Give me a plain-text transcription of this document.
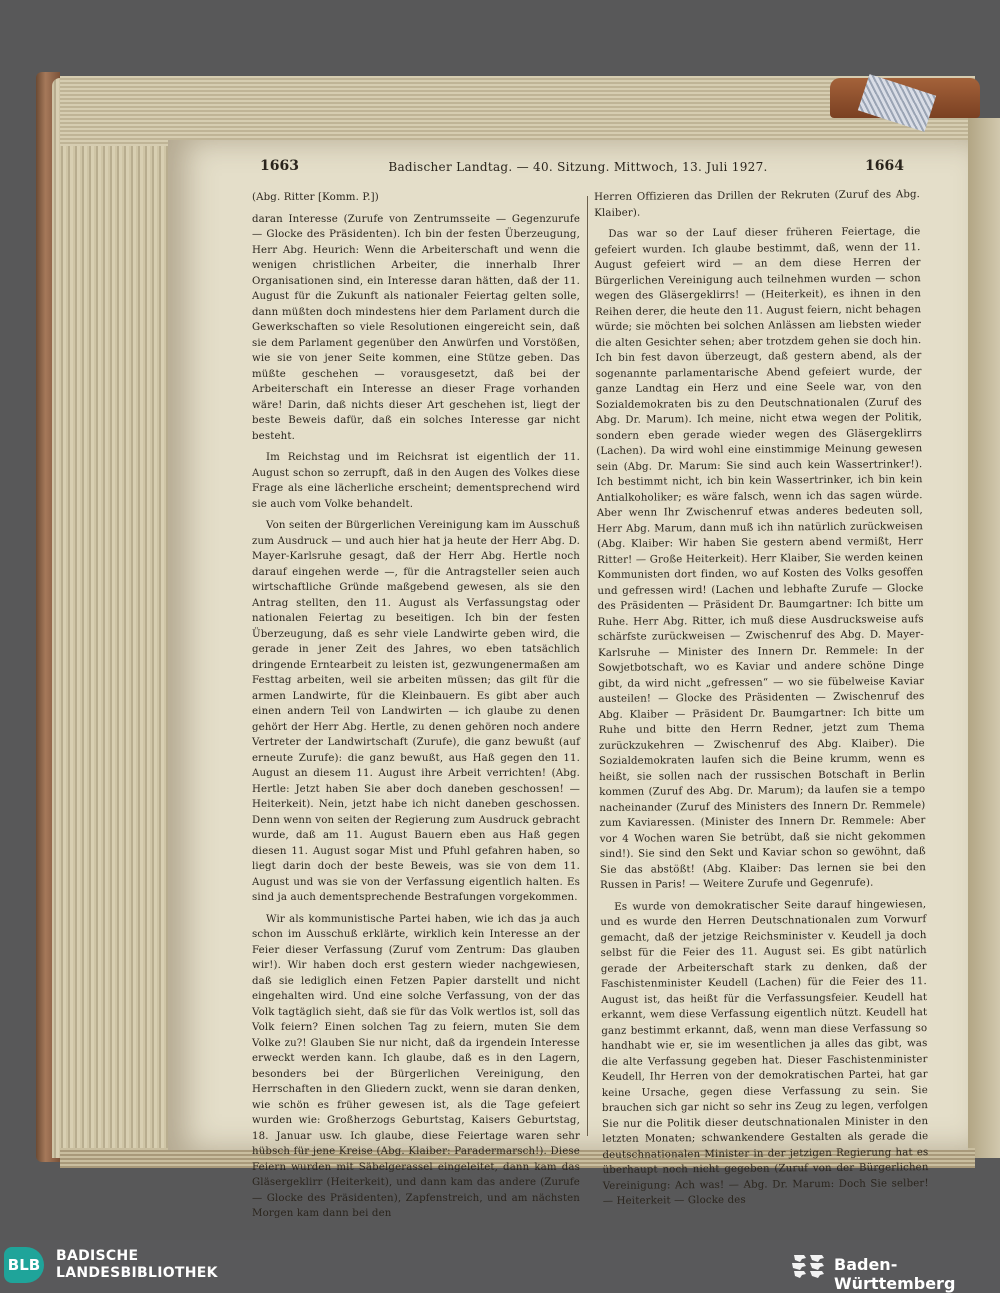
1663	Badischer Landtag. — 40. Sitzung. Mittwoch, 13. Juli 1927.	1664

(Abg. Ritter [Komm. P.])

daran Interesse (Zurufe von Zentrumsseite — Gegenzurufe — Glocke des Präsidenten). Ich bin der festen Überzeugung, Herr Abg. Heurich: Wenn die Arbeiterschaft und wenn die wenigen christlichen Arbeiter, die innerhalb Ihrer Organisationen sind, ein Interesse daran hätten, daß der 11. August für die Zukunft als nationaler Feiertag gelten solle, dann müßten doch mindestens hier dem Parlament durch die Gewerkschaften so viele Resolutionen eingereicht sein, daß sie dem Parlament gegenüber den Anwürfen und Vorstößen, wie sie von jener Seite kommen, eine Stütze geben. Das müßte geschehen — vorausgesetzt, daß bei der Arbeiterschaft ein Interesse an dieser Frage vorhanden wäre! Darin, daß nichts dieser Art geschehen ist, liegt der beste Beweis dafür, daß ein solches Interesse gar nicht besteht.

Im Reichstag und im Reichsrat ist eigentlich der 11. August schon so zerrupft, daß in den Augen des Volkes diese Frage als eine lächerliche erscheint; dementsprechend wird sie auch vom Volke behandelt.

Von seiten der Bürgerlichen Vereinigung kam im Ausschuß zum Ausdruck — und auch hier hat ja heute der Herr Abg. D. Mayer-Karlsruhe gesagt, daß der Herr Abg. Hertle noch darauf eingehen werde —, für die Antragsteller seien auch wirtschaftliche Gründe maßgebend gewesen, als sie den Antrag stellten, den 11. August als Verfassungstag oder nationalen Feiertag zu beseitigen. Ich bin der festen Überzeugung, daß es sehr viele Landwirte geben wird, die gerade in jener Zeit des Jahres, wo eben tatsächlich dringende Erntearbeit zu leisten ist, gezwungenermaßen am Festtag arbeiten, weil sie arbeiten müssen; das gilt für die armen Landwirte, für die Kleinbauern. Es gibt aber auch einen andern Teil von Landwirten — ich glaube zu denen gehört der Herr Abg. Hertle, zu denen gehören noch andere Vertreter der Landwirtschaft (Zurufe), die ganz bewußt (auf erneute Zurufe): die ganz bewußt, aus Haß gegen den 11. August an diesem 11. August ihre Arbeit verrichten! (Abg. Hertle: Jetzt haben Sie aber doch daneben geschossen! — Heiterkeit). Nein, jetzt habe ich nicht daneben geschossen. Denn wenn von seiten der Regierung zum Ausdruck gebracht wurde, daß am 11. August Bauern eben aus Haß gegen diesen 11. August sogar Mist und Pfuhl gefahren haben, so liegt darin doch der beste Beweis, was sie von dem 11. August und was sie von der Verfassung eigentlich halten. Es sind ja auch dementsprechende Bestrafungen vorgekommen.

Wir als kommunistische Partei haben, wie ich das ja auch schon im Ausschuß erklärte, wirklich kein Interesse an der Feier dieser Verfassung (Zuruf vom Zentrum: Das glauben wir!). Wir haben doch erst gestern wieder nachgewiesen, daß sie lediglich einen Fetzen Papier darstellt und nicht eingehalten wird. Und eine solche Verfassung, von der das Volk tagtäglich sieht, daß sie für das Volk wertlos ist, soll das Volk feiern? Einen solchen Tag zu feiern, muten Sie dem Volke zu?! Glauben Sie nur nicht, daß da irgendein Interesse erweckt werden kann. Ich glaube, daß es in den Lagern, besonders bei der Bürgerlichen Vereinigung, den Herrschaften in den Gliedern zuckt, wenn sie daran denken, wie schön es früher gewesen ist, als die Tage gefeiert wurden wie: Großherzogs Geburtstag, Kaisers Geburtstag, 18. Januar usw. Ich glaube, diese Feiertage waren sehr hübsch für jene Kreise (Abg. Klaiber: Paradermarsch!). Diese Feiern wurden mit Säbelgerassel eingeleitet, dann kam das Gläsergeklirr (Heiterkeit), und dann kam das andere (Zurufe — Glocke des Präsidenten), Zapfenstreich, und am nächsten Morgen kam dann bei den

Herren Offizieren das Drillen der Rekruten (Zuruf des Abg. Klaiber).

Das war so der Lauf dieser früheren Feiertage, die gefeiert wurden. Ich glaube bestimmt, daß, wenn der 11. August gefeiert wird — an dem diese Herren der Bürgerlichen Vereinigung auch teilnehmen wurden — schon wegen des Gläsergeklirrs! — (Heiterkeit), es ihnen in den Reihen derer, die heute den 11. August feiern, nicht behagen würde; sie möchten bei solchen Anlässen am liebsten wieder die alten Gesichter sehen; aber trotzdem gehen sie doch hin. Ich bin fest davon überzeugt, daß gestern abend, als der sogenannte parlamentarische Abend gefeiert wurde, der ganze Landtag ein Herz und eine Seele war, von den Sozialdemokraten bis zu den Deutschnationalen (Zuruf des Abg. Dr. Marum). Ich meine, nicht etwa wegen der Politik, sondern eben gerade wieder wegen des Gläsergeklirrs (Lachen). Da wird wohl eine einstimmige Meinung gewesen sein (Abg. Dr. Marum: Sie sind auch kein Wassertrinker!). Ich bestimmt nicht, ich bin kein Wassertrinker, ich bin kein Antialkoholiker; es wäre falsch, wenn ich das sagen würde. Aber wenn Ihr Zwischenruf etwas anderes bedeuten soll, Herr Abg. Marum, dann muß ich ihn natürlich zurückweisen (Abg. Klaiber: Wir haben Sie gestern abend vermißt, Herr Ritter! — Große Heiterkeit). Herr Klaiber, Sie werden keinen Kommunisten dort finden, wo auf Kosten des Volks gesoffen und gefressen wird! (Lachen und lebhafte Zurufe — Glocke des Präsidenten — Präsident Dr. Baumgartner: Ich bitte um Ruhe. Herr Abg. Ritter, ich muß diese Ausdrucksweise aufs schärfste zurückweisen — Zwischenruf des Abg. D. Mayer-Karlsruhe — Minister des Innern Dr. Remmele: In der Sowjetbotschaft, wo es Kaviar und andere schöne Dinge gibt, da wird nicht „gefressen“ — wo sie fübelweise Kaviar austeilen! — Glocke des Präsidenten — Zwischenruf des Abg. Klaiber — Präsident Dr. Baumgartner: Ich bitte um Ruhe und bitte den Herrn Redner, jetzt zum Thema zurückzukehren — Zwischenruf des Abg. Klaiber). Die Sozialdemokraten laufen sich die Beine krumm, wenn es heißt, sie sollen nach der russischen Botschaft in Berlin kommen (Zuruf des Abg. Dr. Marum); da laufen sie a tempo nacheinander (Zuruf des Ministers des Innern Dr. Remmele) zum Kaviaressen. (Minister des Innern Dr. Remmele: Aber vor 4 Wochen waren Sie betrübt, daß sie nicht gekommen sind!). Sie sind den Sekt und Kaviar schon so gewöhnt, daß Sie das abstößt! (Abg. Klaiber: Das lernen sie bei den Russen in Paris! — Weitere Zurufe und Gegenrufe).

Es wurde von demokratischer Seite darauf hingewiesen, und es wurde den Herren Deutschnationalen zum Vorwurf gemacht, daß der jetzige Reichsminister v. Keudell ja doch selbst für die Feier des 11. August sei. Es gibt natürlich gerade der Arbeiterschaft stark zu denken, daß der Faschistenminister Keudell (Lachen) für die Feier des 11. August ist, das heißt für die Verfassungsfeier. Keudell hat erkannt, wem diese Verfassung eigentlich nützt. Keudell hat ganz bestimmt erkannt, daß, wenn man diese Verfassung so handhabt wie er, sie im wesentlichen ja alles das gibt, was die alte Verfassung gegeben hat. Dieser Faschistenminister Keudell, Ihr Herren von der demokratischen Partei, hat gar keine Ursache, gegen diese Verfassung zu sein. Sie brauchen sich gar nicht so sehr ins Zeug zu legen, verfolgen Sie nur die Politik dieser deutschnationalen Minister in den letzten Monaten; schwankendere Gestalten als gerade die deutschnationalen Minister in der jetzigen Regierung hat es überhaupt noch nicht gegeben (Zuruf von der Bürgerlichen Vereinigung: Ach was! — Abg. Dr. Marum: Doch Sie selber! — Heiterkeit — Glocke des

BLB BADISCHE
LANDESBIBLIOTHEK	Baden-Württemberg
